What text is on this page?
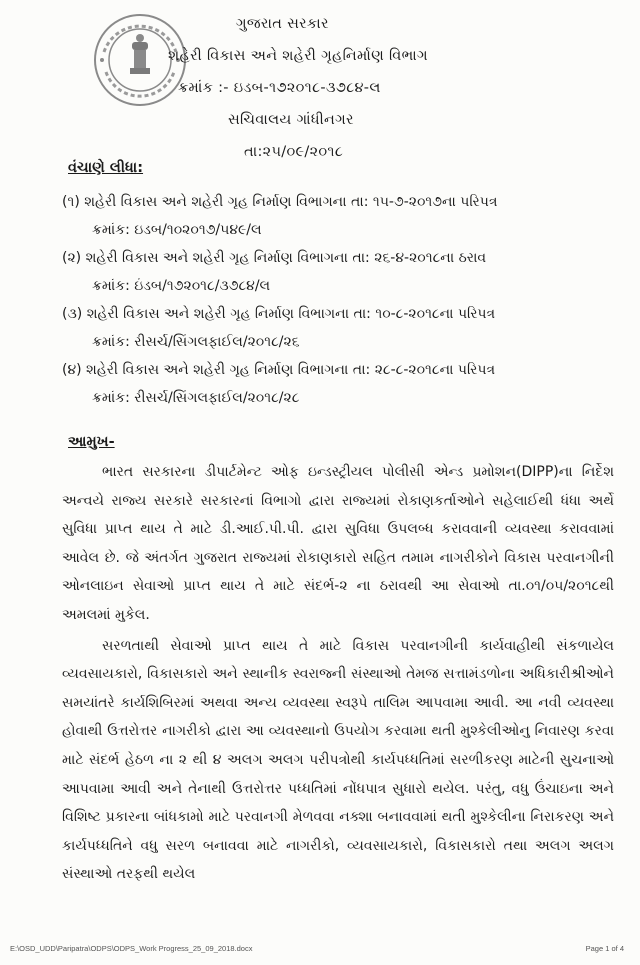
ગુજરાત સરકાર
શહેરી વિકાસ અને શહેરી ગૃહનિર્માણ વિભાગ
ક્રમાંક :- ઇડબ-૧૭૨૦૧૮-૩૭૮૪-લ
સચિવાલય ગાંધીનગર
તા:૨૫/૦૯/૨૦૧૮
વંચાણે લીધા:
(૧) શહેરી વિકાસ અને શહેરી ગૃહ નિર્માણ વિભાગના તા: ૧૫-૭-૨૦૧૭ના પરિપત્ર
ક્રમાંક: ઇડબ/૧૦૨૦૧૭/૫૪૯/લ
(૨) શહેરી વિકાસ અને શહેરી ગૃહ નિર્માણ વિભાગના તા: ૨૬-૪-૨૦૧૮ના ઠરાવ
ક્રમાંક: ઇંડબ/૧૭૨૦૧૮/૩૭૮૪/લ
(૩) શહેરી વિકાસ અને શહેરી ગૃહ નિર્માણ વિભાગના તા: ૧૦-૮-૨૦૧૮ના પરિપત્ર
ક્રમાંક: રીસર્ચ/સિંગલફાઈલ/૨૦૧૮/૨૬
(૪) શહેરી વિકાસ અને શહેરી ગૃહ નિર્માણ વિભાગના તા: ૨૮-૮-૨૦૧૮ના પરિપત્ર
ક્રમાંક: રીસર્ચ/સિંગલફાઈલ/૨૦૧૮/૨૮
આમુખ-

ભારત સરકારના ડીપાર્ટમેન્ટ ઓફ ઇન્ડસ્ટ્રીયલ પોલીસી એન્ડ પ્રમોશન(DIPP)ના નિર્દેશ અન્વયે રાજ્ય સરકારે સરકારનાં વિભાગો દ્વારા રાજ્યમાં રોકાણકર્તાઓને સહેલાઈથી ધંધા અર્થે સુવિધા પ્રાપ્ત થાય તે માટે ડી.આઈ.પી.પી. દ્વારા સુવિધા ઉપલબ્ધ કરાવવાની વ્યવસ્થા કરાવવામાં આવેલ છે. જે અંતર્ગત ગુજરાત રાજ્યમાં રોકાણકારો સહિત તમામ નાગરીકોને વિકાસ પરવાનગીની ઓનલાઇન સેવાઓ પ્રાપ્ત થાય તે માટે સંદર્ભ-૨ ના ઠરાવથી આ સેવાઓ તા.૦૧/૦૫/૨૦૧૮થી અમલમાં મુકેલ.

સરળતાથી સેવાઓ પ્રાપ્ત થાય તે માટે વિકાસ પરવાનગીની કાર્યવાહીથી સંકળાયેલ વ્યવસાયકારો, વિકાસકારો અને સ્થાનીક સ્વરાજ્ની સંસ્થાઓ તેમજ સત્તામંડળોના અધિકારીશ્રીઓને સમયાંતરે કાર્યશિબિરમાં અથવા અન્ય વ્યવસ્થા સ્વરૂપે તાલિમ આપવામા આવી. આ નવી વ્યવસ્થા હોવાથી ઉત્તરોત્તર નાગરીકો દ્વારા આ વ્યવસ્થાનો ઉપયોગ કરવામા થતી મુશ્કેલીઓનુ નિવારણ કરવા માટે સંદર્ભ હેઠળ ના ૨ થી ૪ અલગ અલગ પરીપત્રોથી કાર્યપધ્ધતિમાં સરળીકરણ માટેની સુચનાઓ આપવામા આવી અને તેનાથી ઉત્તરોત્તર પધ્ધતિમાં નોંધપાત્ર સુધારો થયેલ. પરંતુ, વધુ ઉંચાઇના અને વિશિષ્ટ પ્રકારના બાંધકામો માટે પરવાનગી મેળવવા નક્શા બનાવવામાં થતી મુશ્કેલીના નિરાકરણ અને કાર્યપધ્ધતિને વધુ સરળ બનાવવા માટે નાગરીકો, વ્યવસાયકારો, વિકાસકારો તથા અલગ અલગ સંસ્થાઓ તરફથી થયેલ

E:\OSD_UDD\Paripatra\ODPS\ODPS_Work Progress_25_09_2018.docx	Page 1 of 4
